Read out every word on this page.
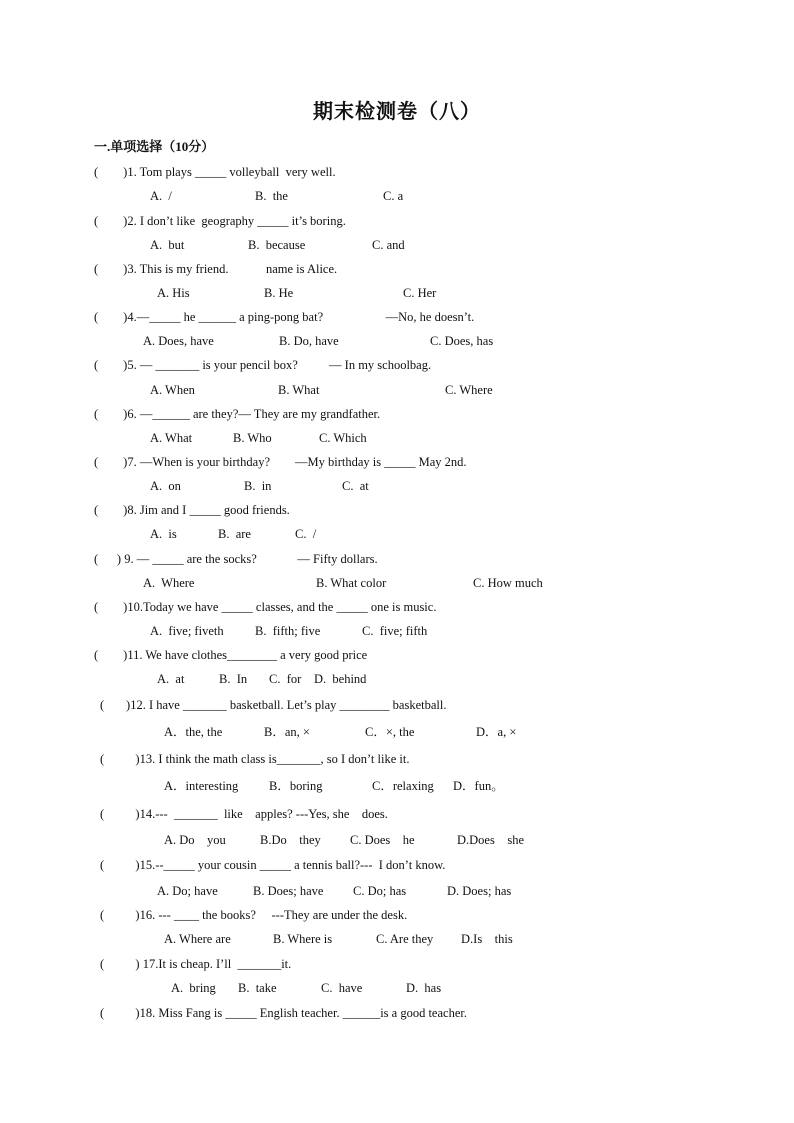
期末检测卷（八）
一.单项选择（10分）
(        )1. Tom plays _____ volleyball  very well.
A.  /	B.  the	C. a
(        )2. I don’t like  geography _____ it’s boring.
A.  but	B.  because	C. and
(        )3. This is my friend.            name is Alice.
A. His	B. He	C. Her
(        )4.—_____ he ______ a ping-pong bat?                    —No, he doesn’t.
A. Does, have	B. Do, have	C. Does, has
(        )5. — _______ is your pencil box?          — In my schoolbag.
A. When	B. What	C. Where
(        )6. —______ are they?— They are my grandfather.
A. What	B. Who	C. Which
(        )7. —When is your birthday?        —My birthday is _____ May 2nd.
A.  on	B.  in	C.  at
(        )8. Jim and I _____ good friends.
A.  is	B.  are	C.  /
(      ) 9. — _____ are the socks?             — Fifty dollars.
A.  Where	B. What color	C. How much
(        )10.Today we have _____ classes, and the _____ one is music.
A.  five; fiveth	B.  fifth; five	C.  five; fifth
(        )11. We have clothes________ a very good price
A.  at	B.  In C.  for D.  behind
(       )12. I have _______ basketball. Let’s play ________ basketball.
A．the, the	B．an, ×	C．×, the	D．a, ×
(          )13. I think the math class is_______, so I don’t like it.
A．interesting B．boring	C．relaxing D．fun。
(          )14.---  _______  like    apples? ---Yes, she    does.
A. Do    you	B.Do    they C. Does    he	D.Does    she
(          )15.--_____ your cousin _____ a tennis ball?---  I don’t know.
A. Do; have	B. Does; have C. Do; has	D. Does; has
(          )16. --- ____ the books?     ---They are under the desk.
A. Where are	B. Where is	C. Are they D.Is    this
(          ) 17.It is cheap. I’ll  _______it.
A.  bring B.  take	C.  have	D.  has
(          )18. Miss Fang is _____ English teacher. ______is a good teacher.
